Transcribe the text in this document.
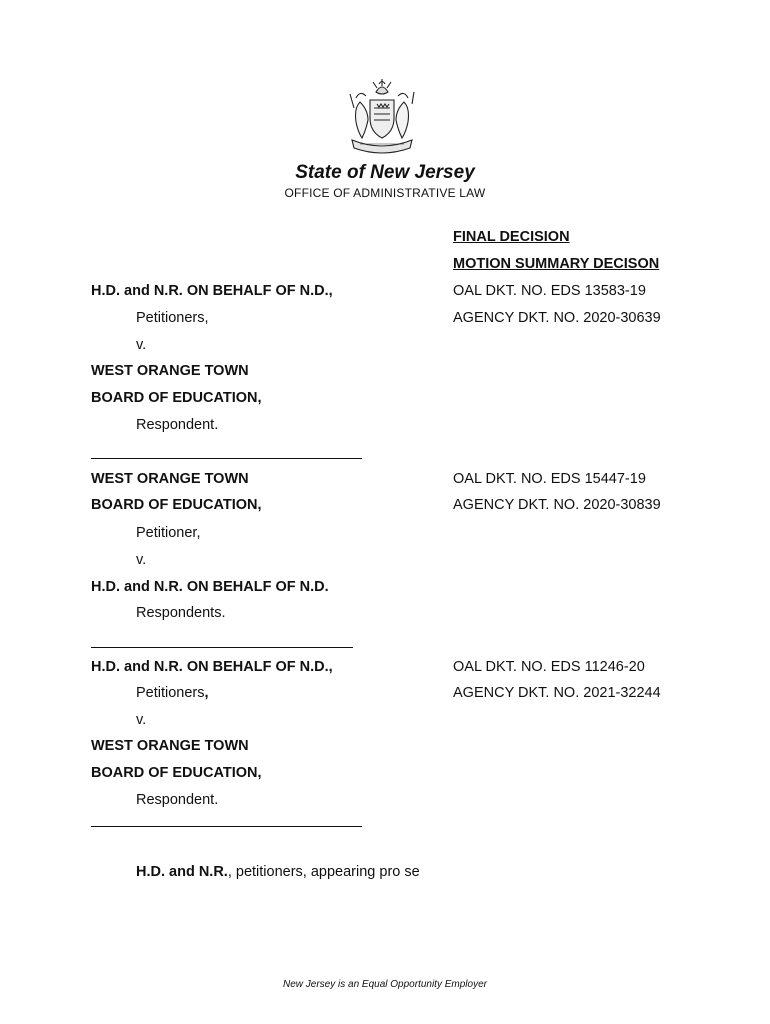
State of New Jersey
OFFICE OF ADMINISTRATIVE LAW
FINAL DECISION
MOTION SUMMARY DECISON
H.D. and N.R. ON BEHALF OF N.D.,	OAL DKT. NO. EDS 13583-19
Petitioners,	AGENCY DKT. NO. 2020-30639
v.
WEST ORANGE TOWN
BOARD OF EDUCATION,
Respondent.
WEST ORANGE TOWN	OAL DKT. NO. EDS 15447-19
BOARD OF EDUCATION,	AGENCY DKT. NO. 2020-30839
Petitioner,
v.
H.D. and N.R. ON BEHALF OF N.D.
Respondents.
H.D. and N.R. ON BEHALF OF N.D.,	OAL DKT. NO. EDS 11246-20
Petitioners,	AGENCY DKT. NO. 2021-32244
v.
WEST ORANGE TOWN
BOARD OF EDUCATION,
Respondent.
H.D. and N.R., petitioners, appearing pro se
New Jersey is an Equal Opportunity Employer
